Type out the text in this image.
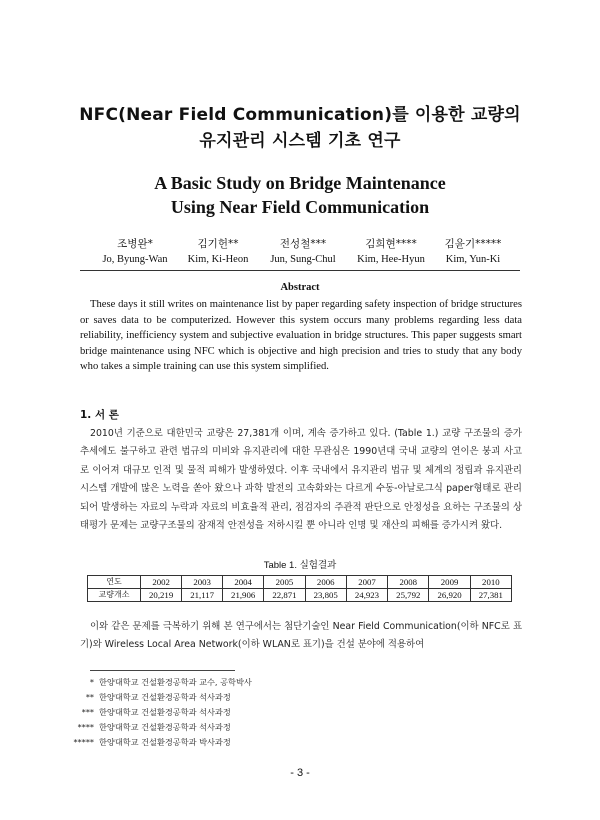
NFC(Near Field Communication)를 이용한 교량의
유지관리 시스템 기초 연구
A Basic Study on Bridge Maintenance
Using Near Field Communication
조병완*
Jo, Byung-Wan
김기헌**
Kim, Ki-Heon
전성철***
Jun, Sung-Chul
김희현****
Kim, Hee-Hyun
김윤기*****
Kim, Yun-Ki
Abstract

These days it still writes on maintenance list by paper regarding safety inspection of bridge structures or saves data to be computerized. However this system occurs many problems regarding less data reliability, inefficiency system and subjective evaluation in bridge structures. This paper suggests smart bridge maintenance using NFC which is objective and high precision and tries to study that any body who takes a simple training can use this system simplified.

1. 서 론

2010년 기준으로 대한민국 교량은 27,381개 이며, 계속 증가하고 있다. (Table 1.) 교량 구조물의 증가 추세에도 불구하고 관련 법규의 미비와 유지관리에 대한 무관심은 1990년대 국내 교량의 연이은 붕괴 사고로 이어져 대규모 인적 및 물적 피해가 발생하였다. 이후 국내에서 유지관리 법규 및 체계의 정립과 유지관리 시스템 개발에 많은 노력을 쏟아 왔으나 과학 발전의 고속화와는 다르게 수동-아날로그식 paper형태로 관리 되어 발생하는 자료의 누락과 자료의 비효율적 관리, 점검자의 주관적 판단으로 안정성을 요하는 구조물의 상태평가 문제는 교량구조물의 잠재적 안전성을 저하시킬 뿐 아니라 인명 및 재산의 피해를 증가시켜 왔다.

Table 1. 실험결과
연도	2002	2003	2004	2005	2006	2007	2008	2009	2010
교량개소	20,219	21,117	21,906	22,871	23,805	24,923	25,792	26,920	27,381

이와 같은 문제를 극복하기 위해 본 연구에서는 첨단기술인 Near Field Communication(이하 NFC로 표기)와 Wireless Local Area Network(이하 WLAN로 표기)을 건설 분야에 적용하여

* 한양대학교 건설환경공학과 교수, 공학박사
** 한양대학교 건설환경공학과 석사과정
*** 한양대학교 건설환경공학과 석사과정
**** 한양대학교 건설환경공학과 석사과정
***** 한양대학교 건설환경공학과 박사과정
- 3 -
